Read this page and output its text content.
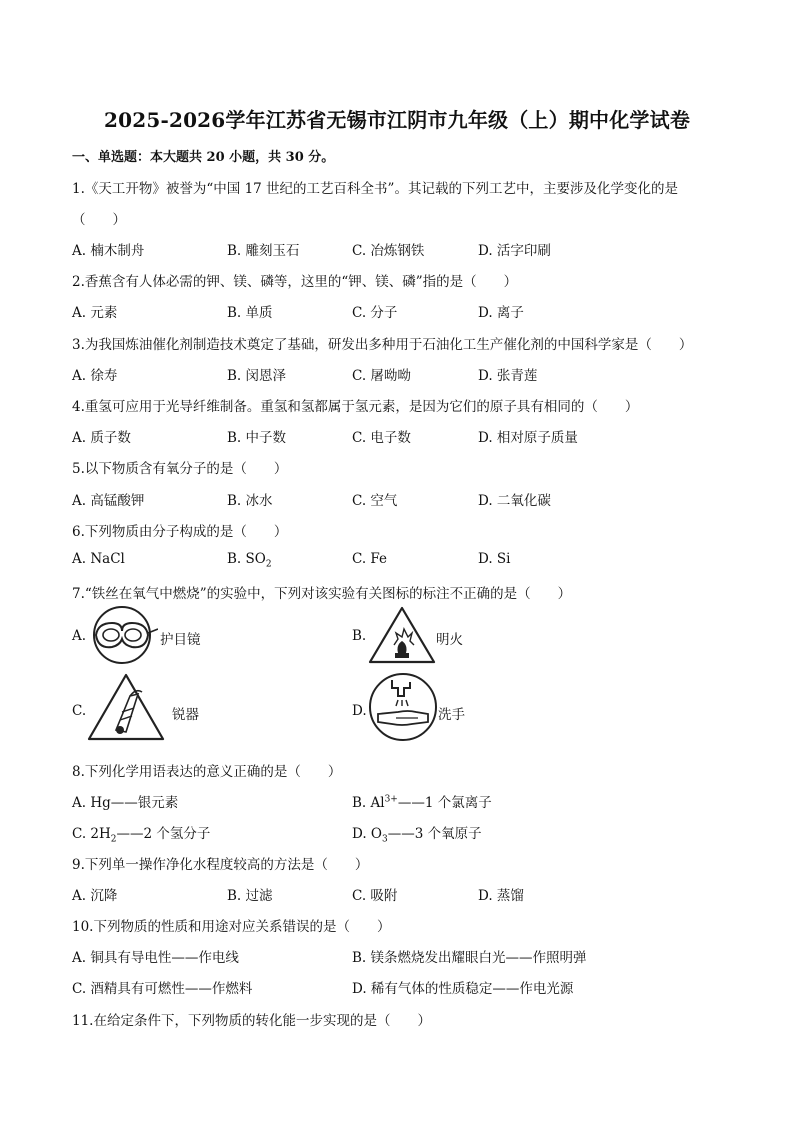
2025-2026学年江苏省无锡市江阴市九年级（上）期中化学试卷
一、单选题：本大题共 20 小题，共 30 分。
1.《天工开物》被誉为“中国 17 世纪的工艺百科全书”。其记载的下列工艺中，主要涉及化学变化的是
（　　）
A. 楠木制舟	B. 雕刻玉石	C. 冶炼钢铁	D. 活字印刷
2.香蕉含有人体必需的钾、镁、磷等，这里的“钾、镁、磷”指的是（　　）
A. 元素	B. 单质	C. 分子	D. 离子
3.为我国炼油催化剂制造技术奠定了基础，研发出多种用于石油化工生产催化剂的中国科学家是（　　）
A. 徐寿	B. 闵恩泽	C. 屠呦呦	D. 张青莲
4.重氢可应用于光导纤维制备。重氢和氢都属于氢元素，是因为它们的原子具有相同的（　　）
A. 质子数	B. 中子数	C. 电子数	D. 相对原子质量
5.以下物质含有氧分子的是（　　）
A. 高锰酸钾	B. 冰水	C. 空气	D. 二氧化碳
6.下列物质由分子构成的是（　　）
A. NaCl	B. $SO_2$	C. Fe	D. Si
7.“铁丝在氧气中燃烧”的实验中，下列对该实验有关图标的标注不正确的是（　　）
A.	护目镜	B.	明火
C.	锐器	D.	洗手
8.下列化学用语表达的意义正确的是（　　）
A. Hg——银元素	B. $Al^{3+}——1$ 个氯离子
C. $2H_2——2$ 个氢分子	D. $O_3——3$ 个氧原子
9.下列单一操作净化水程度较高的方法是（　　）
A. 沉降	B. 过滤	C. 吸附	D. 蒸馏
10.下列物质的性质和用途对应关系错误的是（　　）
A. 铜具有导电性——作电线	B. 镁条燃烧发出耀眼白光——作照明弹
C. 酒精具有可燃性——作燃料	D. 稀有气体的性质稳定——作电光源
11.在给定条件下，下列物质的转化能一步实现的是（　　）
